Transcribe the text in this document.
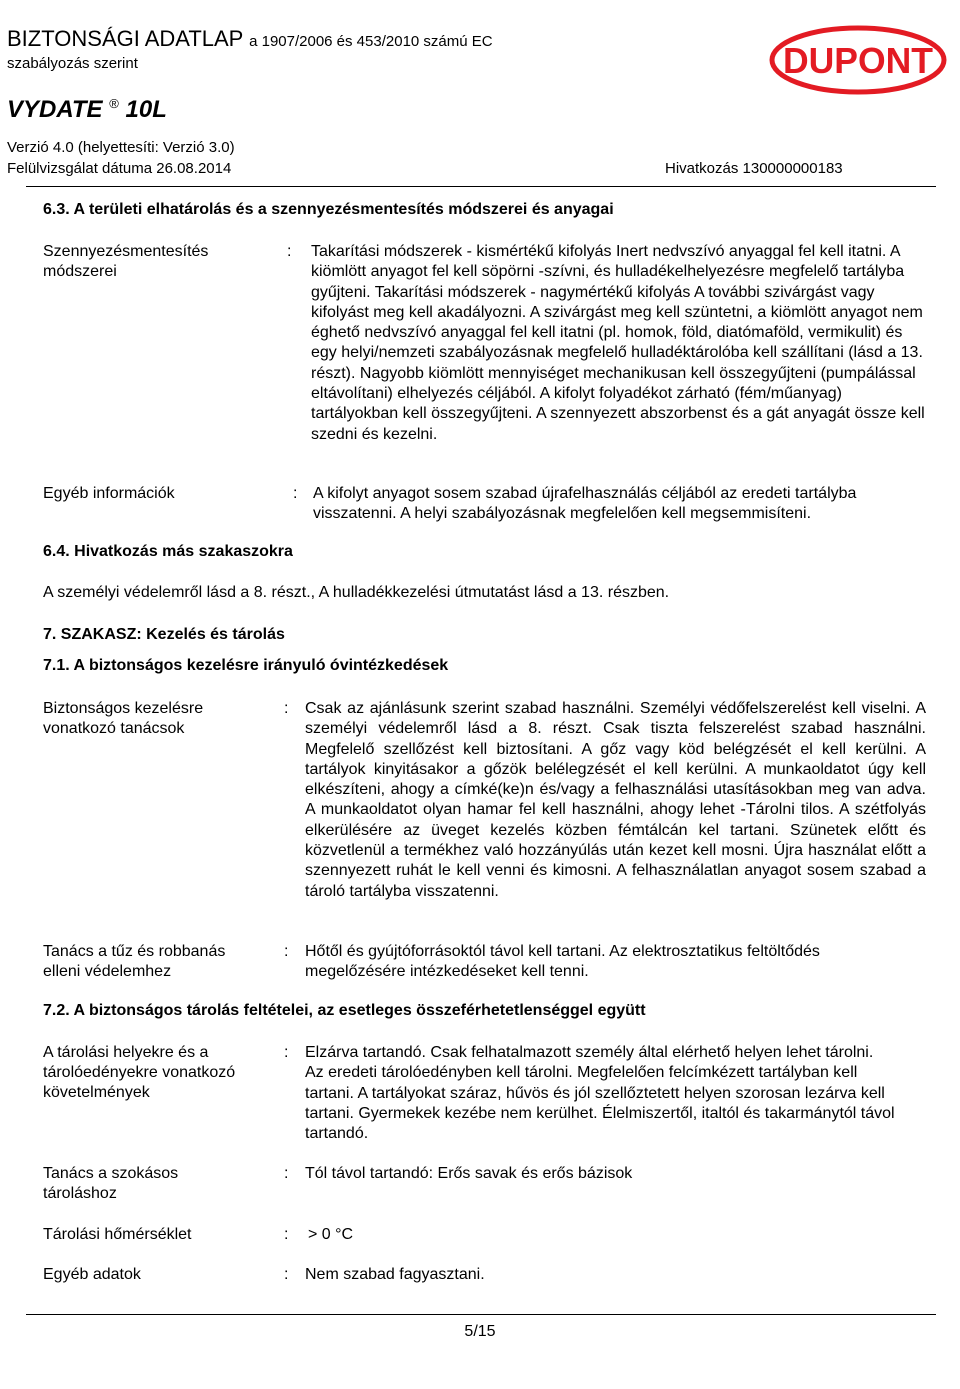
BIZTONSÁGI ADATLAP a 1907/2006 és 453/2010 számú EC
szabályozás szerint
VYDATE ® 10L
Verzió 4.0 (helyettesíti: Verzió 3.0)
Felülvizsgálat dátuma 26.08.2014	Hivatkozás 130000000183
DUPONT
6.3. A területi elhatárolás és a szennyezésmentesítés módszerei és anyagai
Szennyezésmentesítés
módszerei
: Takarítási módszerek - kismértékű kifolyás Inert nedvszívó anyaggal fel kell itatni. A kiömlött anyagot fel kell söpörni -szívni, és hulladékelhelyezésre megfelelő tartályba gyűjteni. Takarítási módszerek - nagymértékű kifolyás A további szivárgást vagy kifolyást meg kell akadályozni. A szivárgást meg kell szüntetni, a kiömlött anyagot nem éghető nedvszívó anyaggal fel kell itatni (pl. homok, föld, diatómaföld, vermikulit) és egy helyi/nemzeti szabályozásnak megfelelő hulladéktárolóba kell szállítani (lásd a 13. részt). Nagyobb kiömlött mennyiséget mechanikusan kell összegyűjteni (pumpálással eltávolítani) elhelyezés céljából. A kifolyt folyadékot zárható (fém/műanyag) tartályokban kell összegyűjteni. A szennyezett abszorbenst és a gát anyagát össze kell szedni és kezelni.
Egyéb információk	: A kifolyt anyagot sosem szabad újrafelhasználás céljából az eredeti tartályba visszatenni. A helyi szabályozásnak megfelelően kell megsemmisíteni.
6.4. Hivatkozás más szakaszokra
A személyi védelemről lásd a 8. részt., A hulladékkezelési útmutatást lásd a 13. részben.
7. SZAKASZ: Kezelés és tárolás
7.1. A biztonságos kezelésre irányuló óvintézkedések
Biztonságos kezelésre
vonatkozó tanácsok
: Csak az ajánlásunk szerint szabad használni. Személyi védőfelszerelést kell viselni. A személyi védelemről lásd a 8. részt. Csak tiszta felszerelést szabad használni. Megfelelő szellőzést kell biztosítani. A gőz vagy köd belégzését el kell kerülni. A tartályok kinyitásakor a gőzök belélegzését el kell kerülni. A munkaoldatot úgy kell elkészíteni, ahogy a címké(ke)n és/vagy a felhasználási utasításokban meg van adva. A munkaoldatot olyan hamar fel kell használni, ahogy lehet -Tárolni tilos. A szétfolyás elkerülésére az üveget kezelés közben fémtálcán kel tartani. Szünetek előtt és közvetlenül a termékhez való hozzányúlás után kezet kell mosni. Újra használat előtt a szennyezett ruhát le kell venni és kimosni. A felhasználatlan anyagot sosem szabad a tároló tartályba visszatenni.
Tanács a tűz és robbanás
elleni védelemhez
: Hőtől és gyújtóforrásoktól távol kell tartani. Az elektrosztatikus feltöltődés megelőzésére intézkedéseket kell tenni.
7.2. A biztonságos tárolás feltételei, az esetleges összeférhetetlenséggel együtt
A tárolási helyekre és a
tárolóedényekre vonatkozó
követelmények
: Elzárva tartandó. Csak felhatalmazott személy által elérhető helyen lehet tárolni. Az eredeti tárolóedényben kell tárolni. Megfelelően felcímkézett tartályban kell tartani. A tartályokat száraz, hűvös és jól szellőztetett helyen szorosan lezárva kell tartani. Gyermekek kezébe nem kerülhet. Élelmiszertől, italtól és takarmánytól távol tartandó.
Tanács a szokásos
tároláshoz
: Tól távol tartandó: Erős savak és erős bázisok
Tárolási hőmérséklet	: > 0 °C
Egyéb adatok	: Nem szabad fagyasztani.
5/15
